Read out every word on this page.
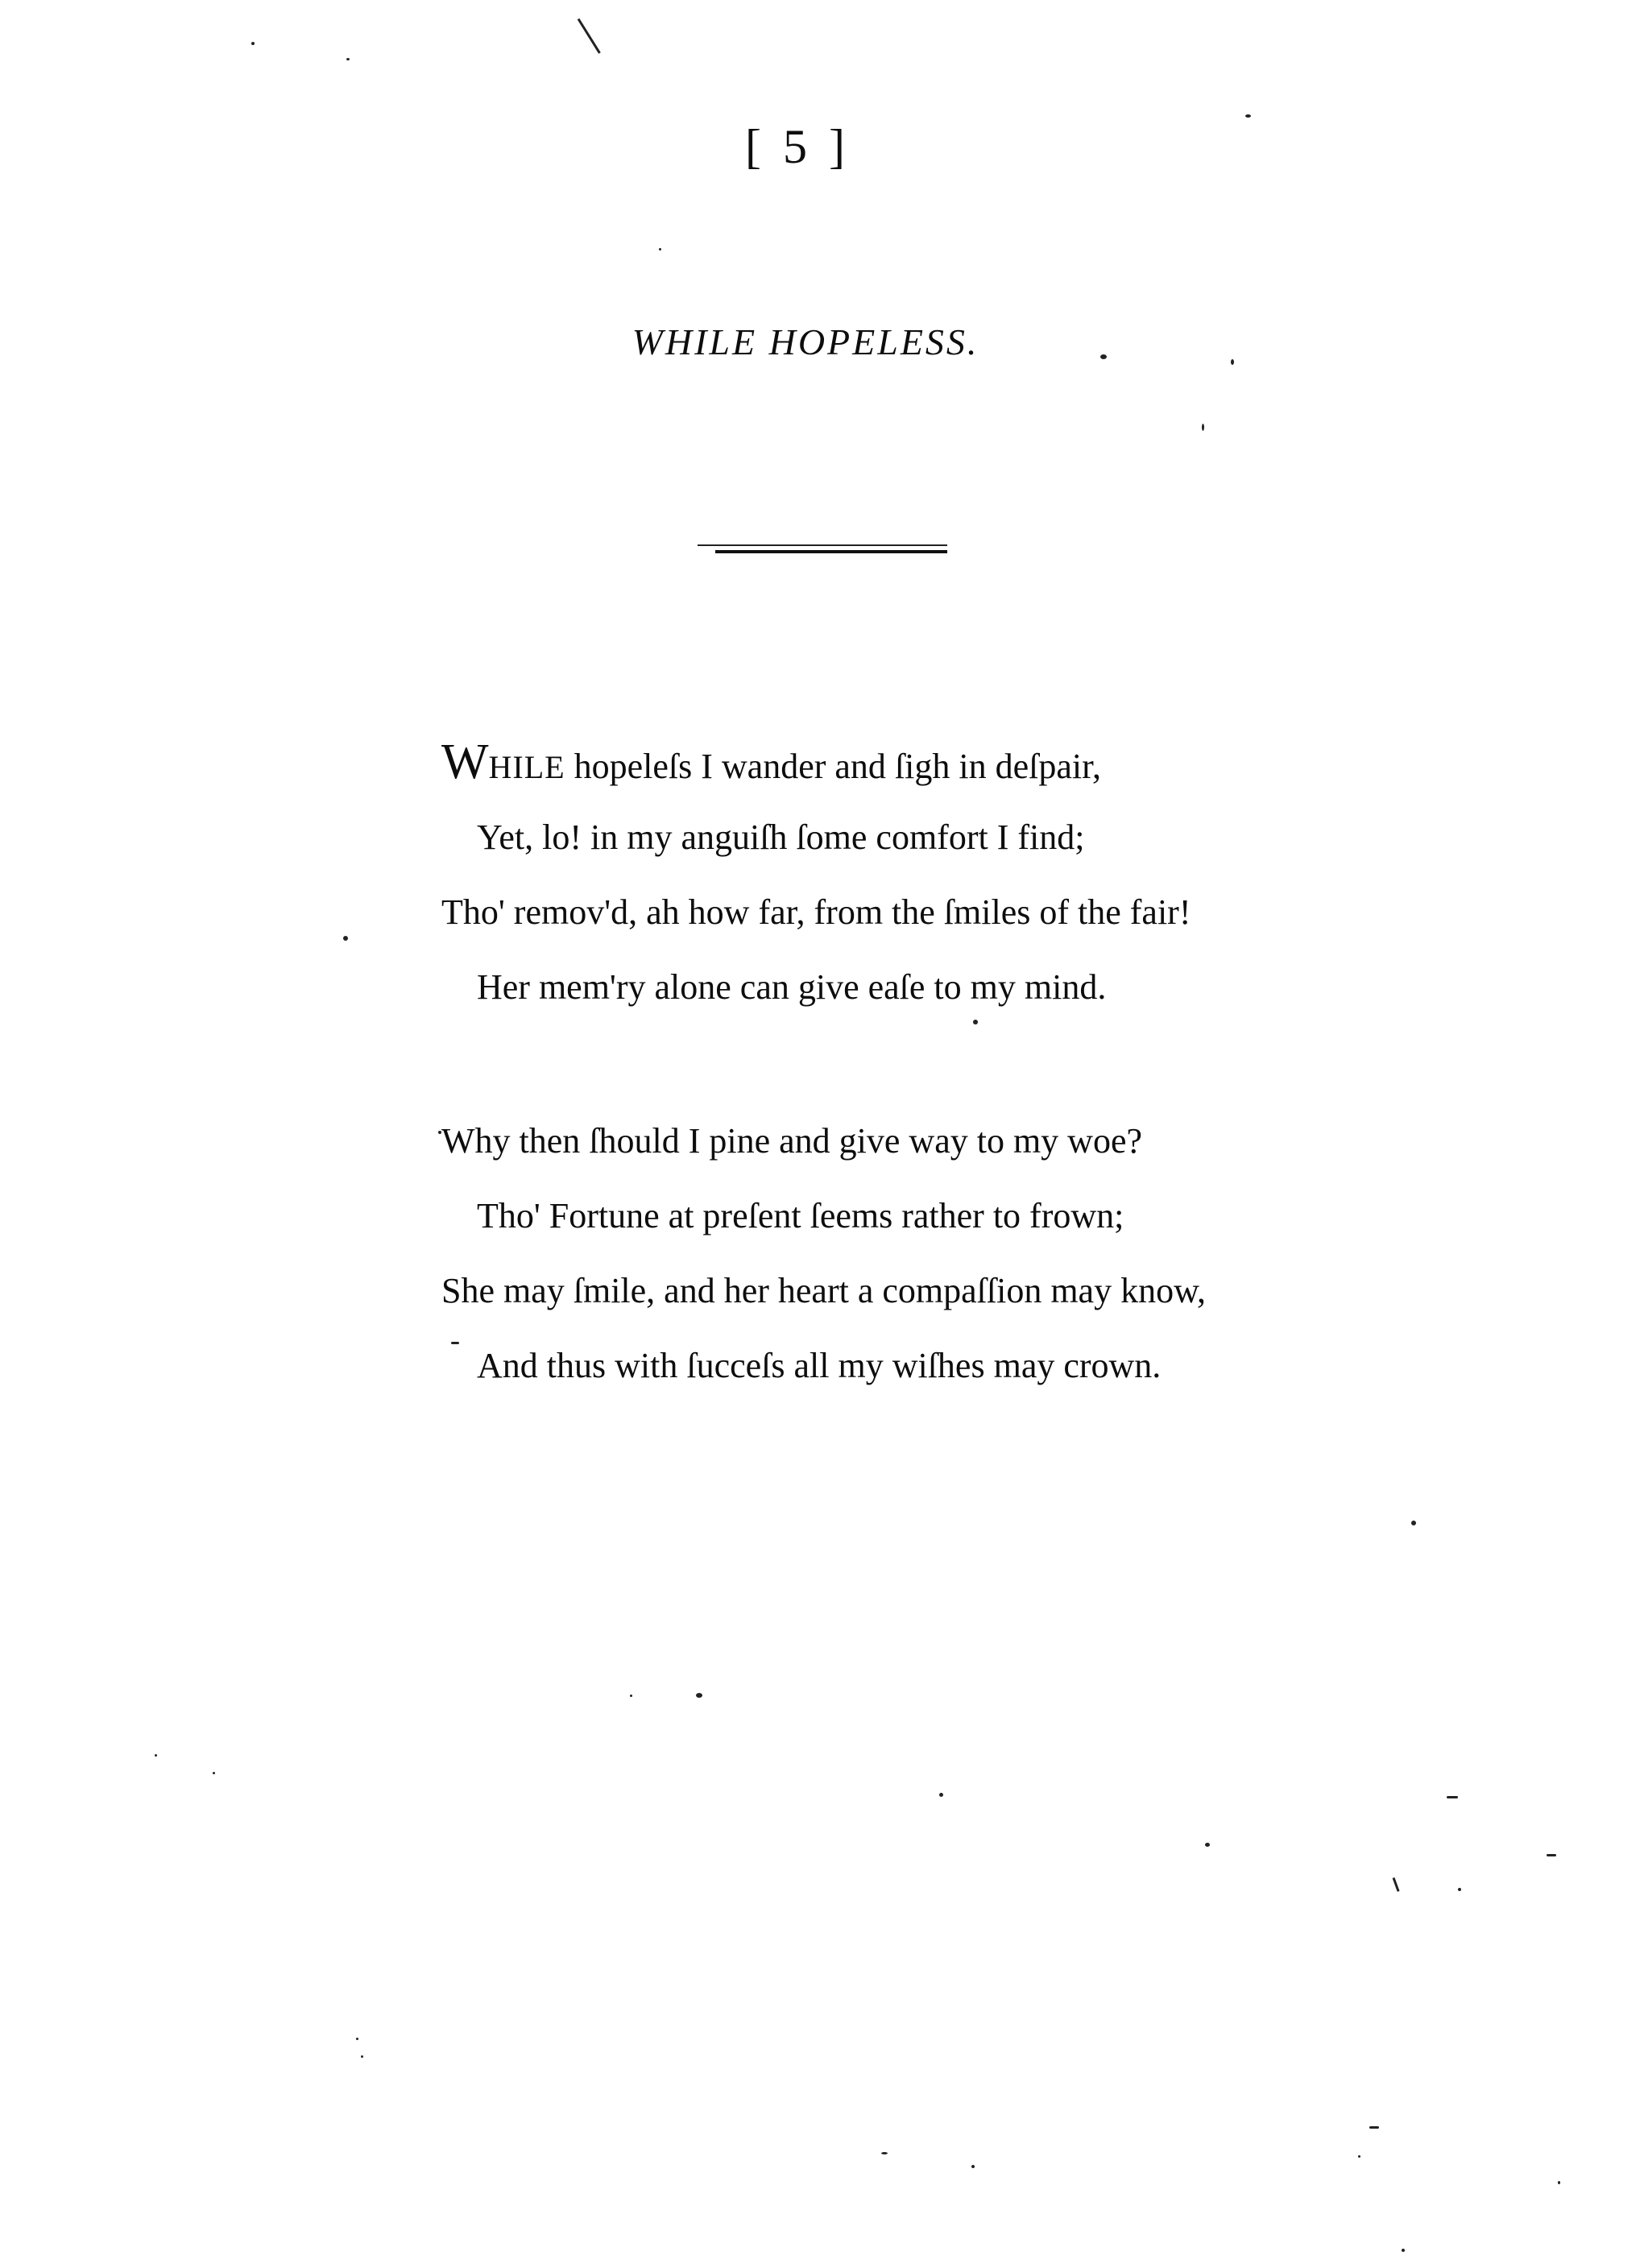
[ 5 ]
WHILE HOPELESS.
WHILE hopeleſs I wander and ſigh in deſpair,
Yet, lo! in my anguiſh ſome comfort I find;
Tho' remov'd, ah how far, from the ſmiles of the fair!
Her mem'ry alone can give eaſe to my mind.
Why then ſhould I pine and give way to my woe?
Tho' Fortune at preſent ſeems rather to frown;
She may ſmile, and her heart a compaſſion may know,
And thus with ſucceſs all my wiſhes may crown.
